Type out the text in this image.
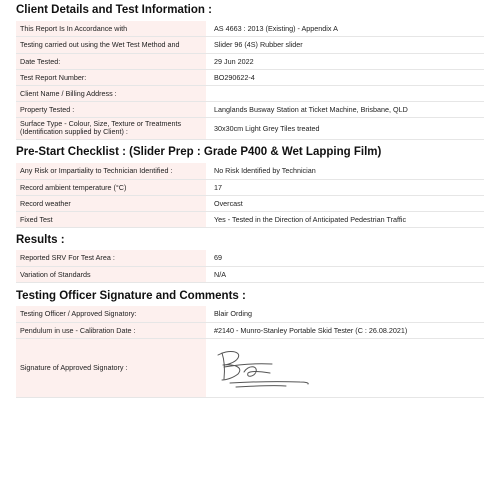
Client Details and Test Information :
This Report Is In Accordance with	AS 4663 : 2013 (Existing) - Appendix A
Testing carried out using the Wet Test Method and	Slider 96 (4S) Rubber slider
Date Tested:	29 Jun 2022
Test Report Number:	BO290622-4
Client Name / Billing Address :	
Property Tested :	Langlands Busway Station at Ticket Machine, Brisbane, QLD
Surface Type - Colour, Size, Texture or Treatments (Identification supplied by Client) :	30x30cm Light Grey Tiles treated
Pre-Start Checklist : (Slider Prep : Grade P400 & Wet Lapping Film)
Any Risk or Impartiality to Technician Identified :	No Risk Identified by Technician
Record ambient temperature (°C)	17
Record weather	Overcast
Fixed Test	Yes - Tested in the Direction of Anticipated Pedestrian Traffic
Results :
Reported SRV For Test Area :	69
Variation of Standards	N/A
Testing Officer Signature and Comments :
Testing Officer / Approved Signatory:	Blair Ording
Pendulum in use - Calibration Date :	#2140 - Munro-Stanley Portable Skid Tester (C : 26.08.2021)
Signature of Approved Signatory :	
